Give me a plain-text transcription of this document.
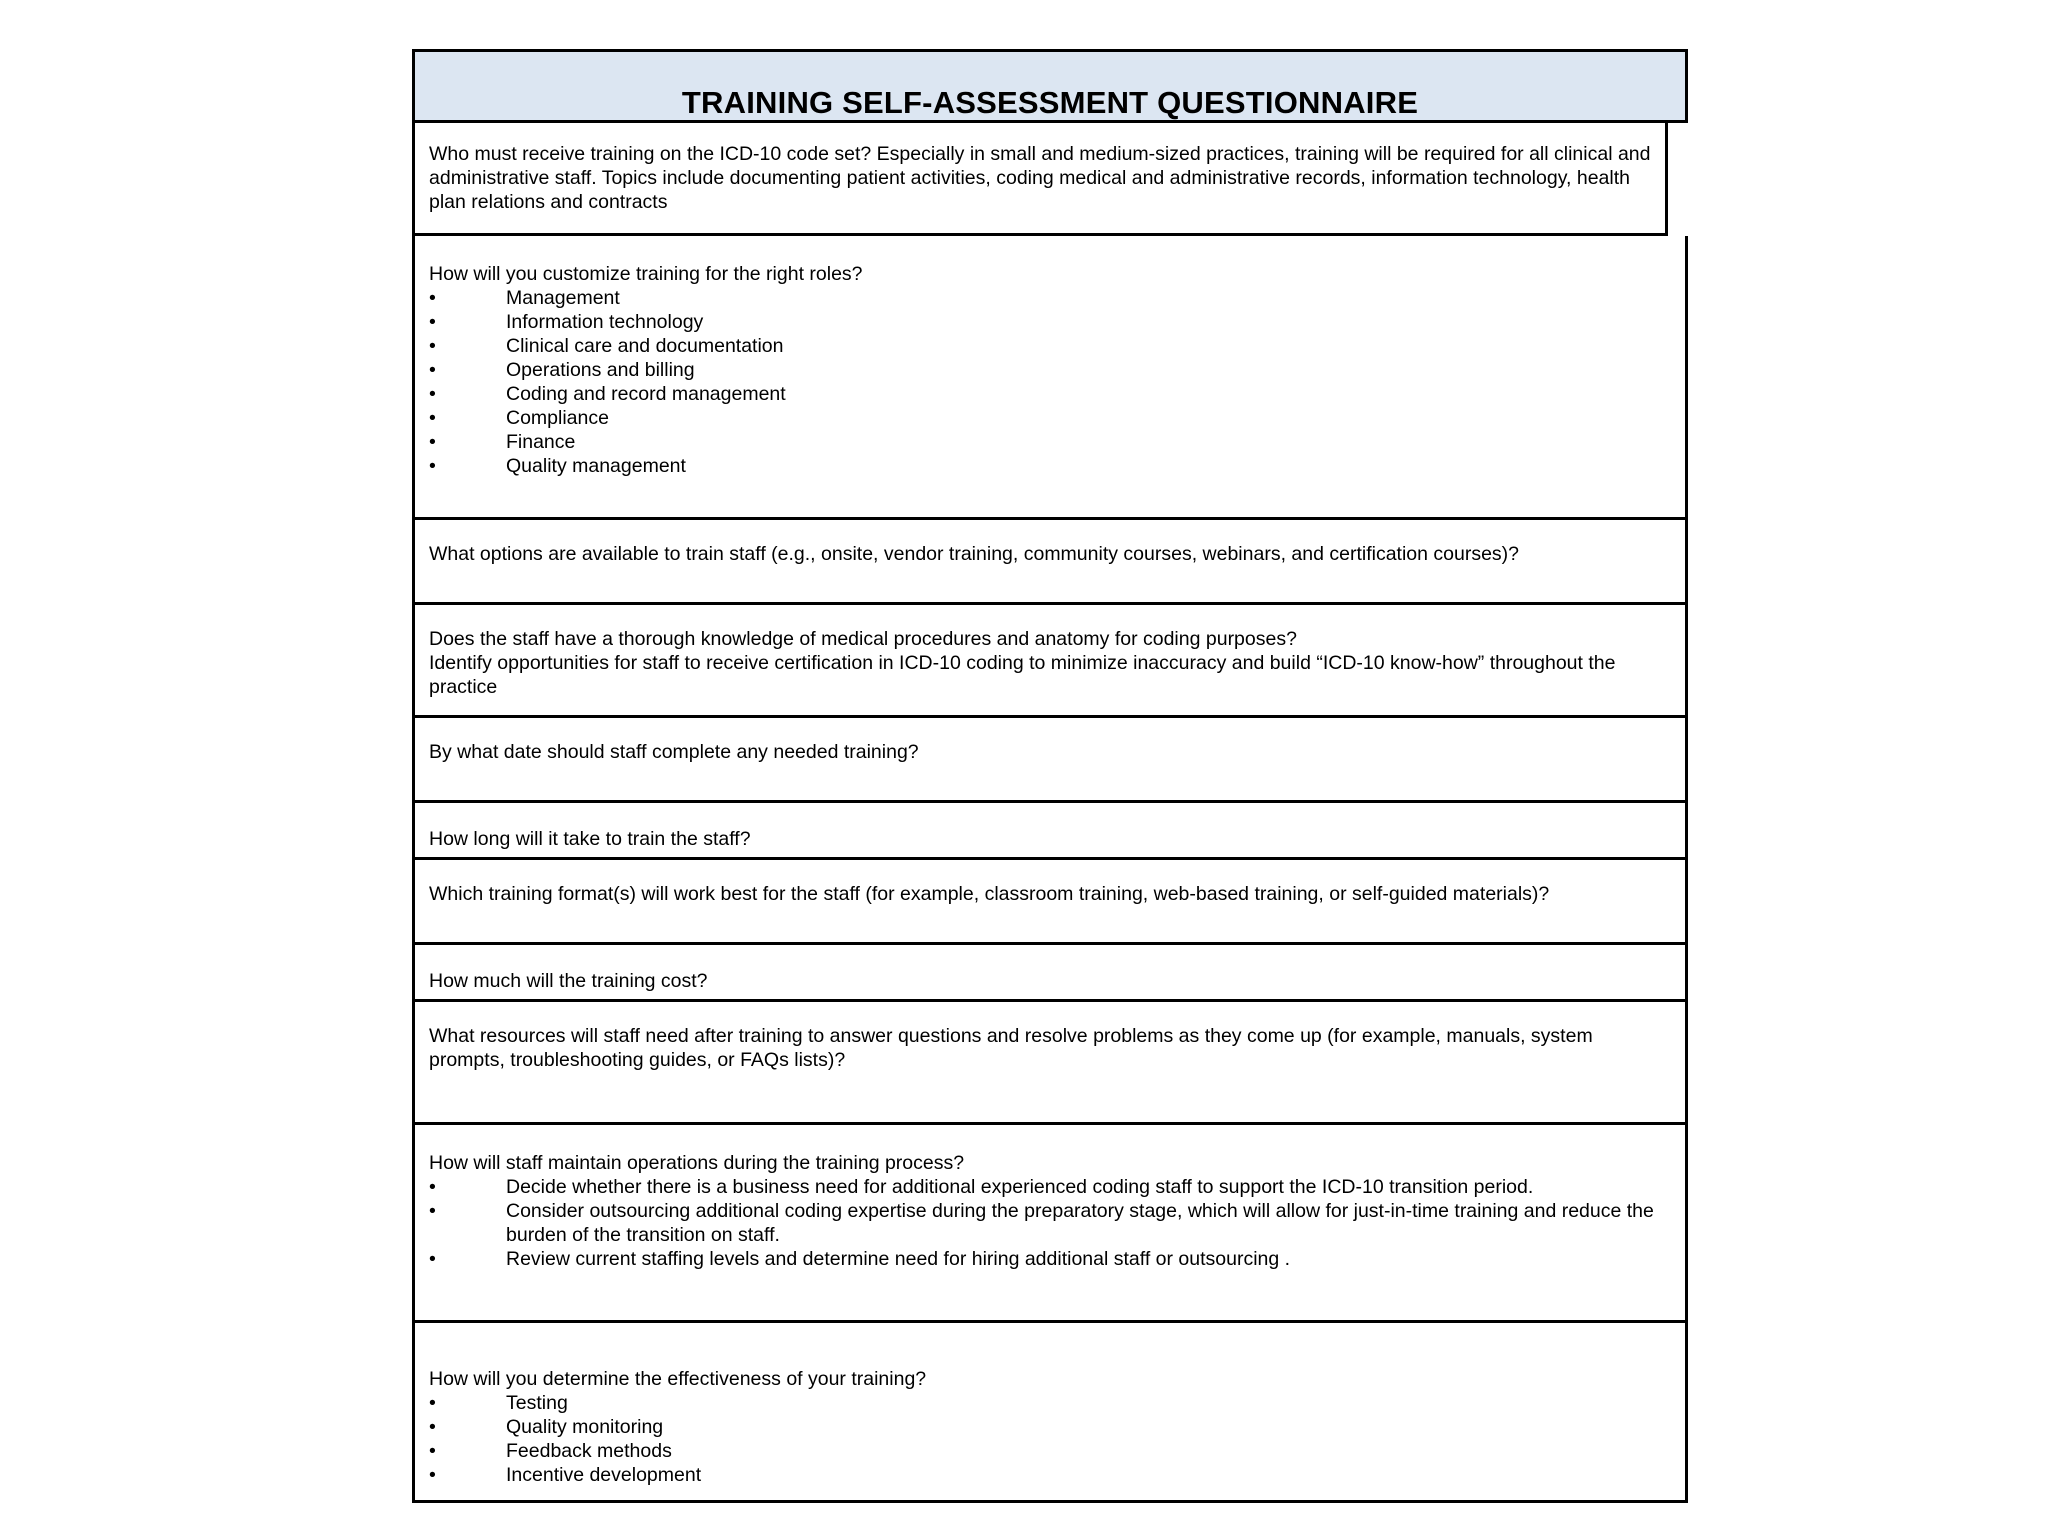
TRAINING SELF-ASSESSMENT QUESTIONNAIRE
Who must receive training on the ICD-10 code set? Especially in small and medium-sized practices, training will be required for all clinical and administrative staff. Topics include documenting patient activities, coding medical and administrative records, information technology, health plan relations and contracts
How will you customize training for the right roles?
•	Management
•	Information technology
•	Clinical care and documentation
•	Operations and billing
•	Coding and record management
•	Compliance
•	Finance
•	Quality management
What options are available to train staff (e.g., onsite, vendor training, community courses, webinars, and certification courses)?
Does the staff have a thorough knowledge of medical procedures and anatomy for coding purposes?
Identify opportunities for staff to receive certification in ICD-10 coding to minimize inaccuracy and build “ICD-10 know-how” throughout the practice
By what date should staff complete any needed training?
How long will it take to train the staff?
Which training format(s) will work best for the staff (for example, classroom training, web-based training, or self-guided materials)?
How much will the training cost?
What resources will staff need after training to answer questions and resolve problems as they come up (for example, manuals, system prompts, troubleshooting guides, or FAQs lists)?
How will staff maintain operations during the training process?
•	Decide whether there is a business need for additional experienced coding staff to support the ICD-10 transition period.
•	Consider outsourcing additional coding expertise during the preparatory stage, which will allow for just-in-time training and reduce the burden of the transition on staff.
•	Review current staffing levels and determine need for hiring additional staff or outsourcing .
How will you determine the effectiveness of your training?
•	Testing
•	Quality monitoring
•	Feedback methods
•	Incentive development
